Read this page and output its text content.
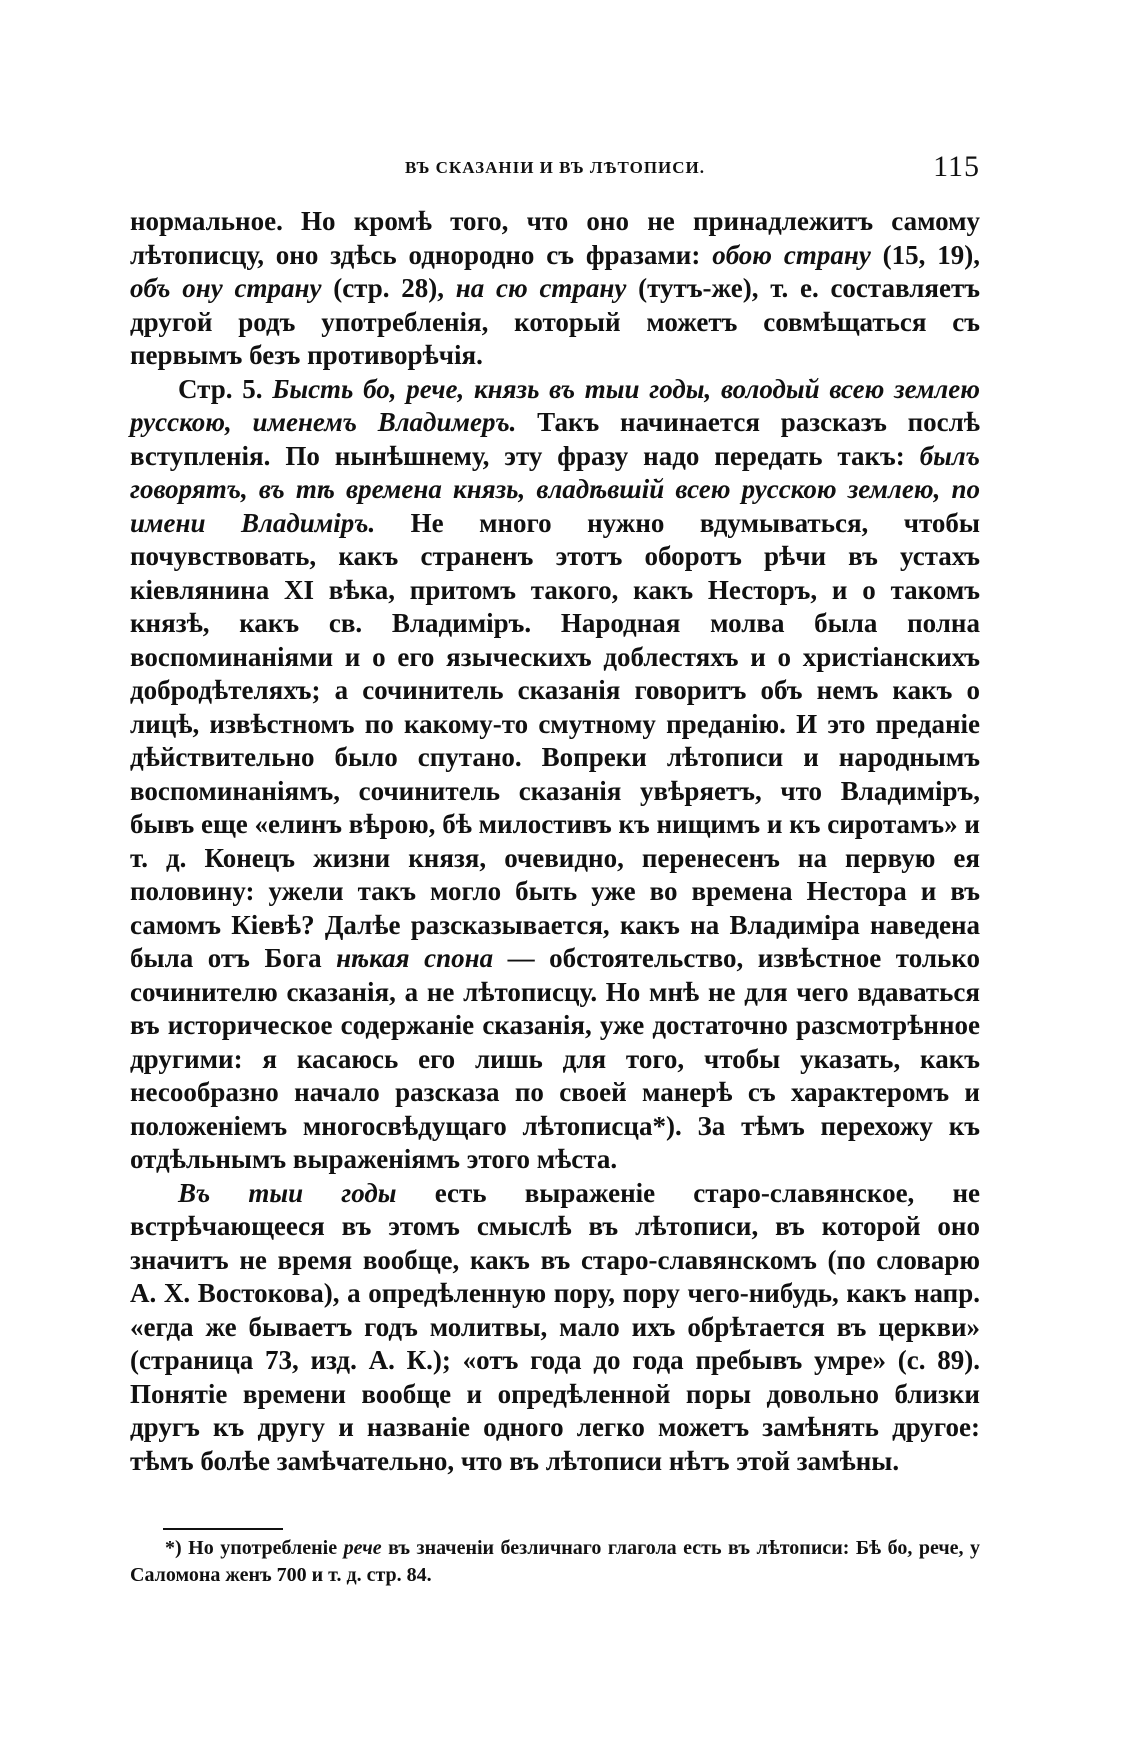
ВЪ СКАЗАНІИ И ВЪ ЛѢТОПИСИ.	115

нормальное. Но кромѣ того, что оно не принадлежитъ самому лѣтописцу, оно здѣсь однородно съ фразами: обою страну (15, 19), объ ону страну (стр. 28), на сю страну (тутъ-же), т. е. составляетъ другой родъ употребленія, который можетъ совмѣщаться съ первымъ безъ противорѣчія.

Стр. 5. Бысть бо, рече, князь въ тыи годы, володый всею землею русскою, именемъ Владимеръ. Такъ начинается разсказъ послѣ вступленія. По нынѣшнему, эту фразу надо передать такъ: былъ говорятъ, въ тѣ времена князь, владѣвшій всею русскою землею, по имени Владимiръ. Не много нужно вдумываться, чтобы почувствовать, какъ страненъ этотъ оборотъ рѣчи въ устахъ кіевлянина XI вѣка, притомъ такого, какъ Несторъ, и о такомъ князѣ, какъ св. Владиміръ. Народная молва была полна воспоминаніями и о его языческихъ доблестяхъ и о христіанскихъ добродѣтеляхъ; а сочинитель сказанія говоритъ объ немъ какъ о лицѣ, извѣстномъ по какому-то смутному преданію. И это преданіе дѣйствительно было спутано. Вопреки лѣтописи и народнымъ воспоминаніямъ, сочинитель сказанія увѣряетъ, что Владиміръ, бывъ еще «елинъ вѣрою, бѣ милостивъ къ нищимъ и къ сиротамъ» и т. д. Конецъ жизни князя, очевидно, перенесенъ на первую ея половину: ужели такъ могло быть уже во времена Нестора и въ самомъ Кіевѣ? Далѣе разсказывается, какъ на Владиміра наведена была отъ Бога нѣкая спона — обстоятельство, извѣстное только сочинителю сказанія, а не лѣтописцу. Но мнѣ не для чего вдаваться въ историческое содержаніе сказанія, уже достаточно разсмотрѣнное другими: я касаюсь его лишь для того, чтобы указать, какъ несообразно начало разсказа по своей манерѣ съ характеромъ и положеніемъ многосвѣдущаго лѣтописца*). За тѣмъ перехожу къ отдѣльнымъ выраженіямъ этого мѣста.

Въ тыи годы есть выраженіе старо-славянское, не встрѣчающееся въ этомъ смыслѣ въ лѣтописи, въ которой оно значитъ не время вообще, какъ въ старо-славянскомъ (по словарю А. Х. Востокова), а опредѣленную пору, пору чего-нибудь, какъ напр. «егда же бываетъ годъ молитвы, мало ихъ обрѣтается въ церкви» (страница 73, изд. А. К.); «отъ года до года пребывъ умре» (с. 89). Понятіе времени вообще и опредѣленной поры довольно близки другъ къ другу и названіе одного легко можетъ замѣнять другое: тѣмъ болѣе замѣчательно, что въ лѣтописи нѣтъ этой замѣны.

*) Но употребленіе рече въ значеніи безличнаго глагола есть въ лѣтописи: Бѣ бо, рече, у Саломона женъ 700 и т. д. стр. 84.
